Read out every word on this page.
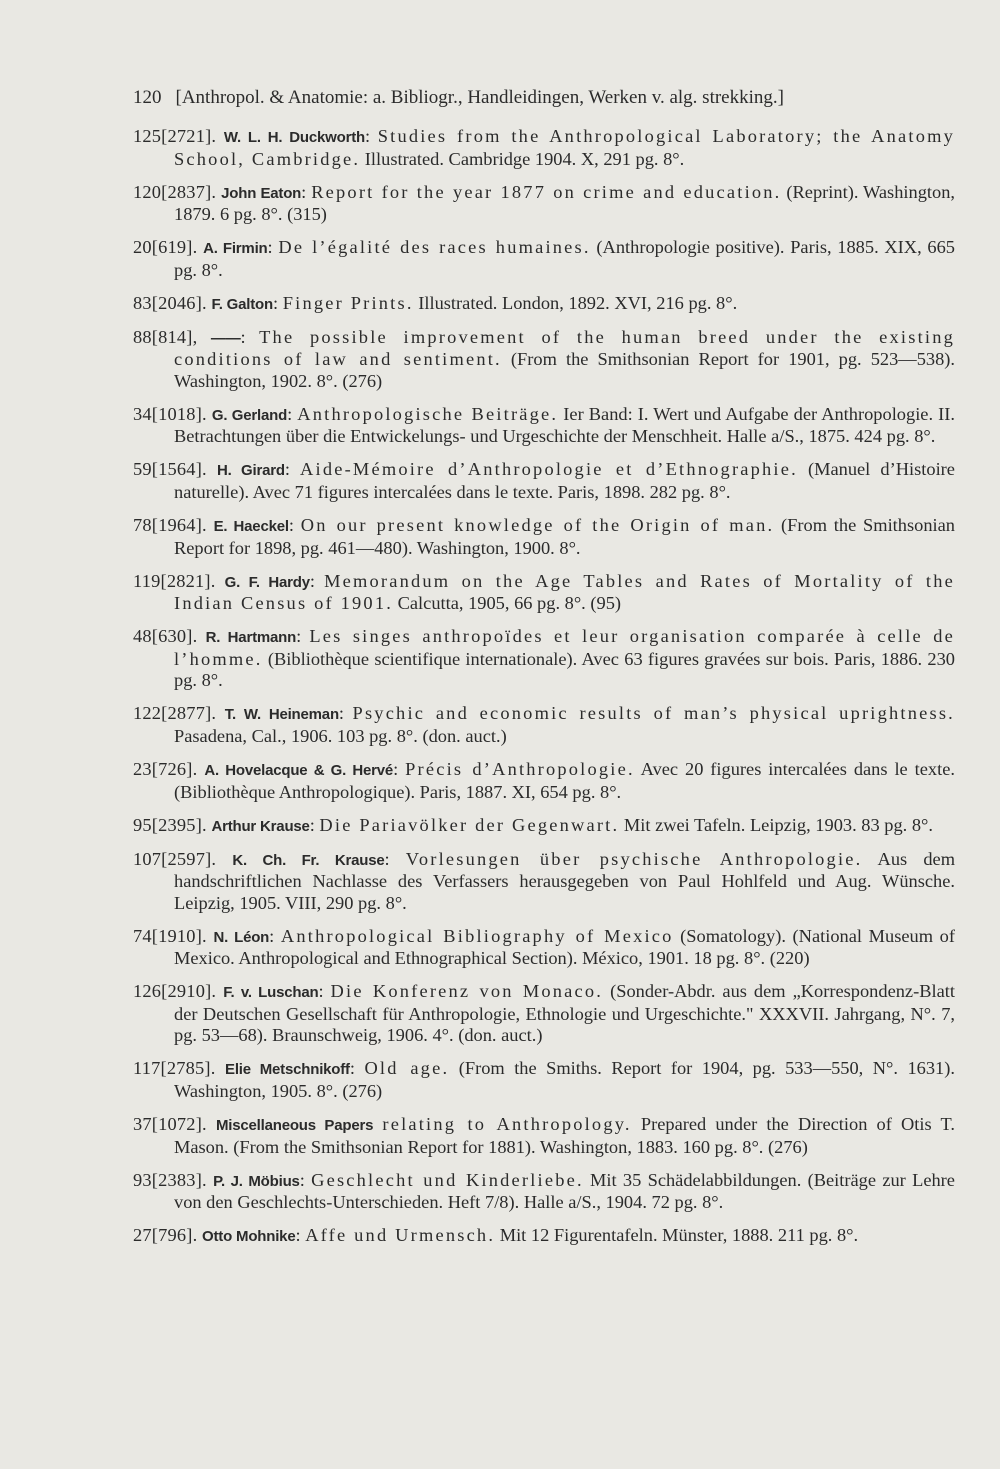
120 [Anthropol. & Anatomie: a. Bibliogr., Handleidingen, Werken v. alg. strekking.]
125[2721]. W. L. H. Duckworth: Studies from the Anthropological Laboratory; the Anatomy School, Cambridge. Illustrated. Cambridge 1904. X, 291 pg. 8°.
120[2837]. John Eaton: Report for the year 1877 on crime and education. (Reprint). Washington, 1879. 6 pg. 8°. (315)
20[619]. A. Firmin: De l’égalité des races humaines. (Anthropologie positive). Paris, 1885. XIX, 665 pg. 8°.
83[2046]. F. Galton: Finger Prints. Illustrated. London, 1892. XVI, 216 pg. 8°.
88[814], ——: The possible improvement of the human breed under the existing conditions of law and sentiment. (From the Smithsonian Report for 1901, pg. 523—538). Washington, 1902. 8°. (276)
34[1018]. G. Gerland: Anthropologische Beiträge. Ier Band: I. Wert und Aufgabe der Anthropologie. II. Betrachtungen über die Entwickelungs- und Urgeschichte der Menschheit. Halle a/S., 1875. 424 pg. 8°.
59[1564]. H. Girard: Aide-Mémoire d’Anthropologie et d’Ethnographie. (Manuel d’Histoire naturelle). Avec 71 figures intercalées dans le texte. Paris, 1898. 282 pg. 8°.
78[1964]. E. Haeckel: On our present knowledge of the Origin of man. (From the Smithsonian Report for 1898, pg. 461—480). Washington, 1900. 8°.
119[2821]. G. F. Hardy: Memorandum on the Age Tables and Rates of Mortality of the Indian Census of 1901. Calcutta, 1905, 66 pg. 8°. (95)
48[630]. R. Hartmann: Les singes anthropoïdes et leur organisation comparée à celle de l’homme. (Bibliothèque scientifique internationale). Avec 63 figures gravées sur bois. Paris, 1886. 230 pg. 8°.
122[2877]. T. W. Heineman: Psychic and economic results of man’s physical uprightness. Pasadena, Cal., 1906. 103 pg. 8°. (don. auct.)
23[726]. A. Hovelacque & G. Hervé: Précis d’Anthropologie. Avec 20 figures intercalées dans le texte. (Bibliothèque Anthropologique). Paris, 1887. XI, 654 pg. 8°.
95[2395]. Arthur Krause: Die Pariavölker der Gegenwart. Mit zwei Tafeln. Leipzig, 1903. 83 pg. 8°.
107[2597]. K. Ch. Fr. Krause: Vorlesungen über psychische Anthropologie. Aus dem handschriftlichen Nachlasse des Verfassers herausgegeben von Paul Hohlfeld und Aug. Wünsche. Leipzig, 1905. VIII, 290 pg. 8°.
74[1910]. N. Léon: Anthropological Bibliography of Mexico (Somatology). (National Museum of Mexico. Anthropological and Ethnographical Section). México, 1901. 18 pg. 8°. (220)
126[2910]. F. v. Luschan: Die Konferenz von Monaco. (Sonder-Abdr. aus dem „Korrespondenz-Blatt der Deutschen Gesellschaft für Anthropologie, Ethnologie und Urgeschichte." XXXVII. Jahrgang, N°. 7, pg. 53—68). Braunschweig, 1906. 4°. (don. auct.)
117[2785]. Elie Metschnikoff: Old age. (From the Smiths. Report for 1904, pg. 533—550, N°. 1631). Washington, 1905. 8°. (276)
37[1072]. Miscellaneous Papers relating to Anthropology. Prepared under the Direction of Otis T. Mason. (From the Smithsonian Report for 1881). Washington, 1883. 160 pg. 8°. (276)
93[2383]. P. J. Möbius: Geschlecht und Kinderliebe. Mit 35 Schädelabbildungen. (Beiträge zur Lehre von den Geschlechts-Unterschieden. Heft 7/8). Halle a/S., 1904. 72 pg. 8°.
27[796]. Otto Mohnike: Affe und Urmensch. Mit 12 Figurentafeln. Münster, 1888. 211 pg. 8°.
